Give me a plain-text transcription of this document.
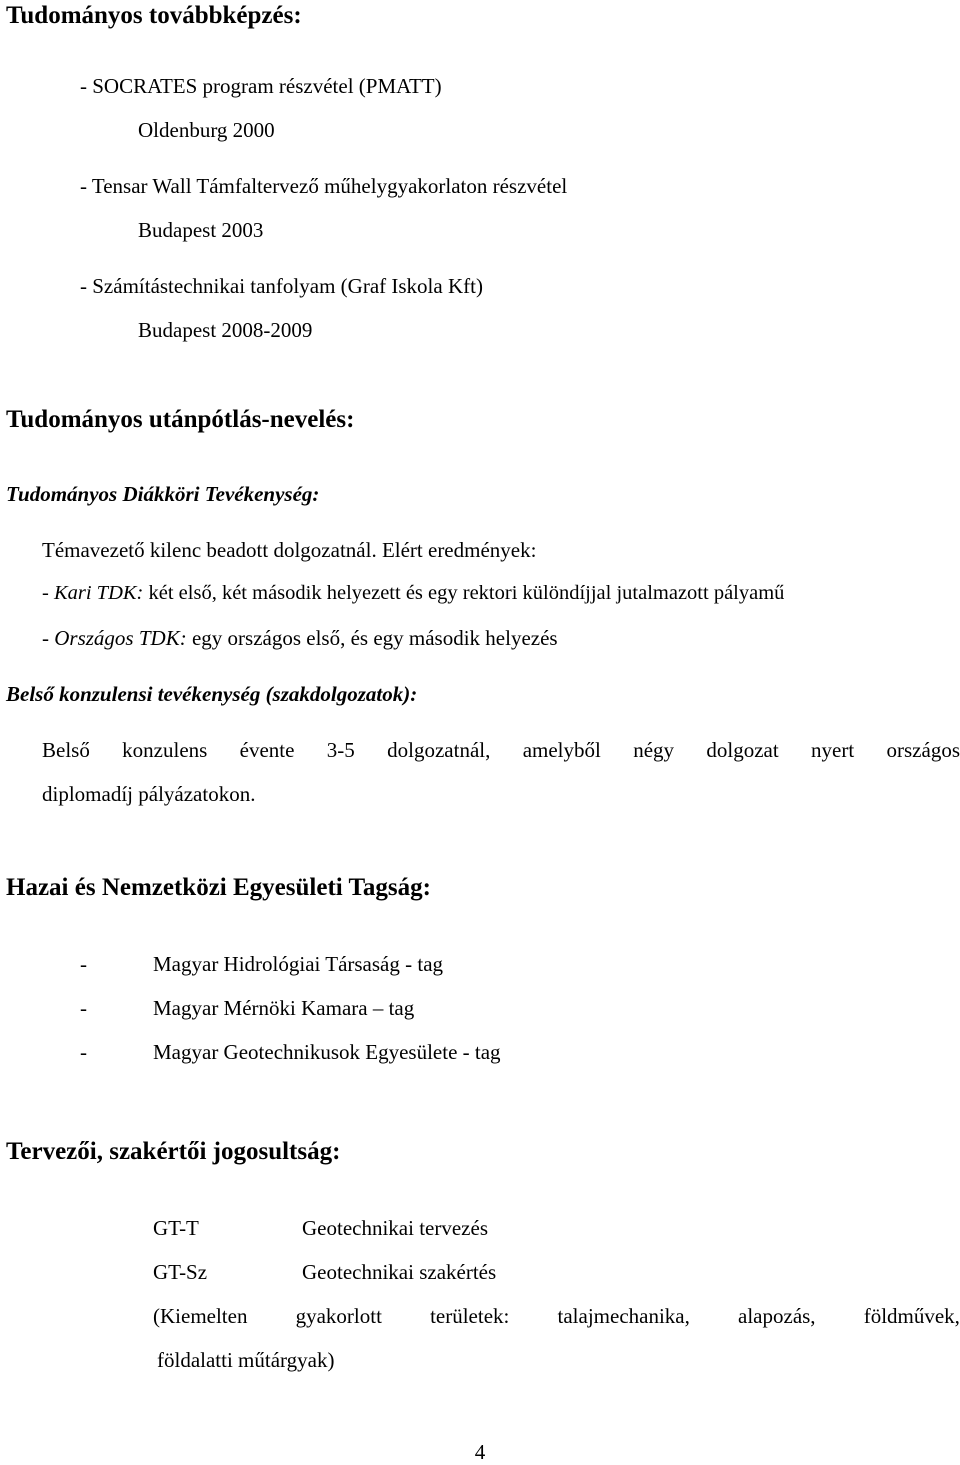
Tudományos továbbképzés:
- SOCRATES program részvétel (PMATT)
Oldenburg 2000
- Tensar Wall Támfaltervező műhelygyakorlaton részvétel
Budapest 2003
- Számítástechnikai tanfolyam (Graf Iskola Kft)
Budapest 2008-2009
Tudományos utánpótlás-nevelés:
Tudományos Diákköri Tevékenység:
Témavezető kilenc beadott dolgozatnál. Elért eredmények:
- Kari TDK: két első, két második helyezett és egy rektori különdíjjal jutalmazott pályamű
- Országos TDK: egy országos első, és egy második helyezés
Belső konzulensi tevékenység (szakdolgozatok):
Belső konzulens évente 3-5 dolgozatnál, amelyből négy dolgozat nyert országos
diplomadíj pályázatokon.
Hazai és Nemzetközi Egyesületi Tagság:
-	Magyar Hidrológiai Társaság - tag
-	Magyar Mérnöki Kamara – tag
-	Magyar Geotechnikusok Egyesülete - tag
Tervezői, szakértői jogosultság:
GT-T	Geotechnikai tervezés
GT-Sz	Geotechnikai szakértés
(Kiemelten gyakorlott területek: talajmechanika, alapozás, földművek,
földalatti műtárgyak)
4
